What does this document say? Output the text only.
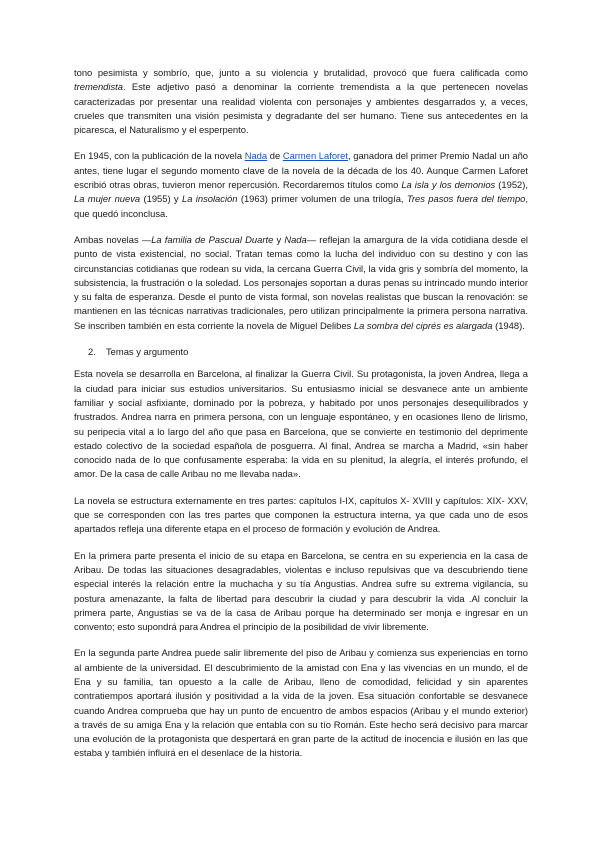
tono pesimista y sombrío, que, junto a su violencia y brutalidad, provocó que fuera calificada como tremendista. Este adjetivo pasó a denominar la corriente tremendista a la que pertenecen novelas caracterizadas por presentar una realidad violenta con personajes y ambientes desgarrados y, a veces, crueles que transmiten una visión pesimista y degradante del ser humano. Tiene sus antecedentes en la picaresca, el Naturalismo y el esperpento.

En 1945, con la publicación de la novela Nada de Carmen Laforet, ganadora del primer Premio Nadal un año antes, tiene lugar el segundo momento clave de la novela de la década de los 40. Aunque Carmen Laforet escribió otras obras, tuvieron menor repercusión. Recordaremos títulos como La isla y los demonios (1952), La mujer nueva (1955) y La insolación (1963) primer volumen de una trilogía, Tres pasos fuera del tiempo, que quedó inconclusa.

Ambas novelas —La familia de Pascual Duarte y Nada— reflejan la amargura de la vida cotidiana desde el punto de vista existencial, no social. Tratan temas como la lucha del individuo con su destino y con las circunstancias cotidianas que rodean su vida, la cercana Guerra Civil, la vida gris y sombría del momento, la subsistencia, la frustración o la soledad. Los personajes soportan a duras penas su intrincado mundo interior y su falta de esperanza. Desde el punto de vista formal, son novelas realistas que buscan la renovación: se mantienen en las técnicas narrativas tradicionales, pero utilizan principalmente la primera persona narrativa. Se inscriben también en esta corriente la novela de Miguel Delibes La sombra del ciprés es alargada (1948).

2. Temas y argumento

Esta novela se desarrolla en Barcelona, al finalizar la Guerra Civil. Su protagonista, la joven Andrea, llega a la ciudad para iniciar sus estudios universitarios. Su entusiasmo inicial se desvanece ante un ambiente familiar y social asfixiante, dominado por la pobreza, y habitado por unos personajes desequilibrados y frustrados. Andrea narra en primera persona, con un lenguaje espontáneo, y en ocasiones lleno de lirismo, su peripecia vital a lo largo del año que pasa en Barcelona, que se convierte en testimonio del deprimente estado colectivo de la sociedad española de posguerra. Al final, Andrea se marcha a Madrid, «sin haber conocido nada de lo que confusamente esperaba: la vida en su plenitud, la alegría, el interés profundo, el amor. De la casa de calle Aribau no me llevaba nada».

La novela se estructura externamente en tres partes: capítulos I-IX, capítulos X- XVIII y capítulos: XIX- XXV, que se corresponden con las tres partes que componen la estructura interna, ya que cada uno de esos apartados refleja una diferente etapa en el proceso de formación y evolución de Andrea.

En la primera parte presenta el inicio de su etapa en Barcelona, se centra en su experiencia en la casa de Aribau. De todas las situaciones desagradables, violentas e incluso repulsivas que va descubriendo tiene especial interés la relación entre la muchacha y su tía Angustias. Andrea sufre su extrema vigilancia, su postura amenazante, la falta de libertad para descubrir la ciudad y para descubrir la vida .Al concluir la primera parte, Angustias se va de la casa de Aribau porque ha determinado ser monja e ingresar en un convento; esto supondrá para Andrea el principio de la posibilidad de vivir libremente.

En la segunda parte Andrea puede salir libremente del piso de Aribau y comienza sus experiencias en torno al ambiente de la universidad. El descubrimiento de la amistad con Ena y las vivencias en un mundo, el de Ena y su familia, tan opuesto a la calle de Aribau, lleno de comodidad, felicidad y sin aparentes contratiempos aportará ilusión y positividad a la vida de la joven. Esa situación confortable se desvanece cuando Andrea comprueba que hay un punto de encuentro de ambos espacios (Aribau y el mundo exterior) a través de su amiga Ena y la relación que entabla con su tío Román. Este hecho será decisivo para marcar una evolución de la protagonista que despertará en gran parte de la actitud de inocencia e ilusión en las que estaba y también influirá en el desenlace de la historia.
